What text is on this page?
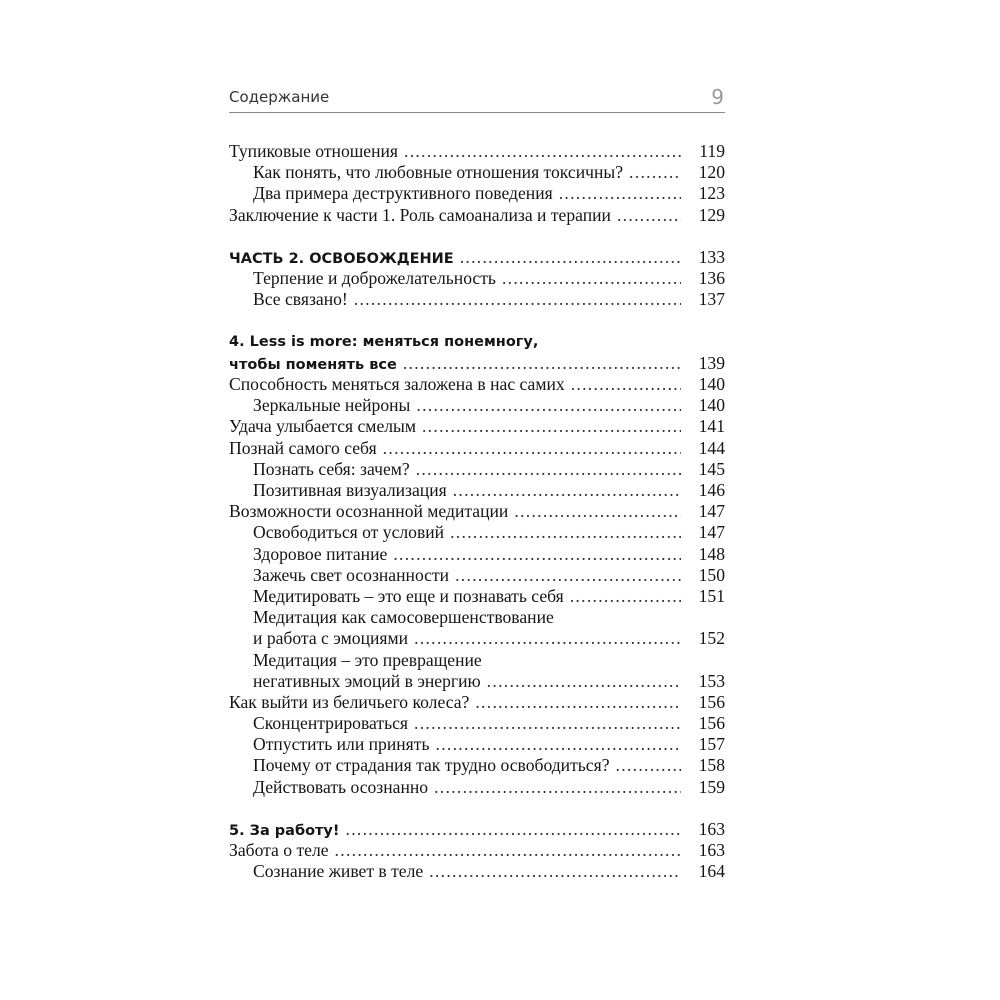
Содержание	9
Тупиковые отношения .....	119
Как понять, что любовные отношения токсичны? .....	120
Два примера деструктивного поведения .....	123
Заключение к части 1. Роль самоанализа и терапии .....	129
ЧАСТЬ 2. ОСВОБОЖДЕНИЕ .....	133
Терпение и доброжелательность .....	136
Все связано! .....	137
4. Less is more: меняться понемногу,
чтобы поменять все .....	139
Способность меняться заложена в нас самих .....	140
Зеркальные нейроны .....	140
Удача улыбается смелым .....	141
Познай самого себя .....	144
Познать себя: зачем? .....	145
Позитивная визуализация .....	146
Возможности осознанной медитации .....	147
Освободиться от условий .....	147
Здоровое питание .....	148
Зажечь свет осознанности .....	150
Медитировать – это еще и познавать себя .....	151
Медитация как самосовершенствование
и работа с эмоциями .....	152
Медитация – это превращение
негативных эмоций в энергию .....	153
Как выйти из беличьего колеса? .....	156
Сконцентрироваться .....	156
Отпустить или принять .....	157
Почему от страдания так трудно освободиться? .....	158
Действовать осознанно .....	159
5. За работу! .....	163
Забота о теле .....	163
Сознание живет в теле .....	164
